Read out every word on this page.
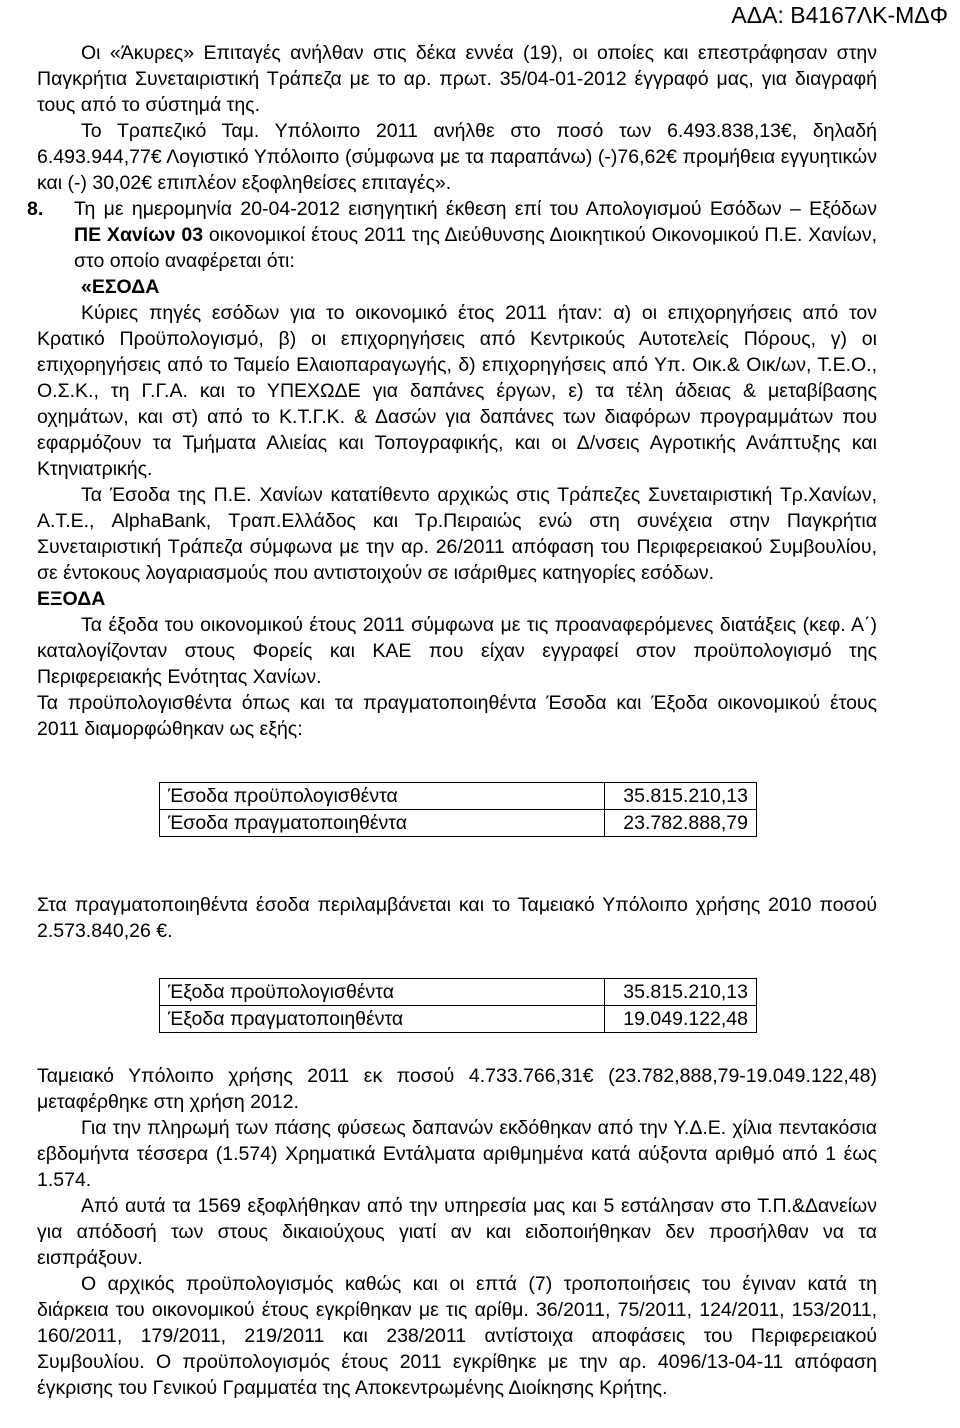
ΑΔΑ: Β4167ΛΚ-ΜΔΦ

Οι «Άκυρες» Επιταγές ανήλθαν στις δέκα εννέα (19), οι οποίες και επεστράφησαν στην Παγκρήτια Συνεταιριστική Τράπεζα με το αρ. πρωτ. 35/04-01-2012 έγγραφό μας, για διαγραφή τους από το σύστημά της.

Το Τραπεζικό Ταμ. Υπόλοιπο 2011 ανήλθε στο ποσό των 6.493.838,13€, δηλαδή 6.493.944,77€ Λογιστικό Υπόλοιπο (σύμφωνα με τα παραπάνω) (-)76,62€ προμήθεια εγγυητικών και (-) 30,02€ επιπλέον εξοφληθείσες επιταγές».

8.	Τη με ημερομηνία 20-04-2012 εισηγητική έκθεση επί του Απολογισμού Εσόδων – Εξόδων ΠΕ Χανίων 03 οικονομικοί έτους 2011 της Διεύθυνσης Διοικητικού Οικονομικού Π.Ε. Χανίων, στο οποίο αναφέρεται ότι:

«ΕΣΟΔΑ

Κύριες πηγές εσόδων για το οικονομικό έτος 2011 ήταν: α) οι επιχορηγήσεις από τον Κρατικό Προϋπολογισμό, β) οι επιχορηγήσεις από Κεντρικούς Αυτοτελείς Πόρους, γ) οι επιχορηγήσεις από το Ταμείο Ελαιοπαραγωγής, δ) επιχορηγήσεις από Υπ. Οικ.& Οικ/ων, Τ.Ε.Ο., Ο.Σ.Κ., τη Γ.Γ.Α. και το ΥΠΕΧΩΔΕ για δαπάνες έργων, ε) τα τέλη άδειας & μεταβίβασης οχημάτων, και στ) από το Κ.Τ.Γ.Κ. & Δασών για δαπάνες των διαφόρων προγραμμάτων που εφαρμόζουν τα Τμήματα Αλιείας και Τοπογραφικής, και οι Δ/νσεις Αγροτικής Ανάπτυξης και Κτηνιατρικής.

Τα Έσοδα της Π.Ε. Χανίων κατατίθεντο αρχικώς στις Τράπεζες Συνεταιριστική Τρ.Χανίων, Α.Τ.Ε., AlphaBank, Τραπ.Ελλάδος και Τρ.Πειραιώς ενώ στη συνέχεια στην Παγκρήτια Συνεταιριστική Τράπεζα σύμφωνα με την αρ. 26/2011 απόφαση του Περιφερειακού Συμβουλίου, σε έντοκους λογαριασμούς που αντιστοιχούν σε ισάριθμες κατηγορίες εσόδων.

ΕΞΟΔΑ

Τα έξοδα του οικονομικού έτους 2011 σύμφωνα με τις προαναφερόμενες διατάξεις (κεφ. Α΄) καταλογίζονταν στους Φορείς και ΚΑΕ που είχαν εγγραφεί στον προϋπολογισμό της Περιφερειακής Ενότητας Χανίων.

Τα προϋπολογισθέντα όπως και τα πραγματοποιηθέντα Έσοδα και Έξοδα οικονομικού έτους 2011 διαμορφώθηκαν ως εξής:

Έσοδα προϋπολογισθέντα	35.815.210,13
Έσοδα πραγματοποιηθέντα	23.782.888,79

Στα πραγματοποιηθέντα έσοδα περιλαμβάνεται και το Ταμειακό Υπόλοιπο χρήσης 2010 ποσού 2.573.840,26 €.

Έξοδα προϋπολογισθέντα	35.815.210,13
Έξοδα πραγματοποιηθέντα	19.049.122,48

Ταμειακό Υπόλοιπο χρήσης 2011 εκ ποσού 4.733.766,31€ (23.782,888,79-19.049.122,48) μεταφέρθηκε στη χρήση 2012.

Για την πληρωμή των πάσης φύσεως δαπανών εκδόθηκαν από την Υ.Δ.Ε. χίλια πεντακόσια εβδομήντα τέσσερα (1.574) Χρηματικά Εντάλματα αριθμημένα κατά αύξοντα αριθμό από 1 έως 1.574.

Από αυτά τα 1569 εξοφλήθηκαν από την υπηρεσία μας και 5 εστάλησαν στο Τ.Π.&Δανείων για απόδοσή των στους δικαιούχους γιατί αν και ειδοποιήθηκαν δεν προσήλθαν να τα εισπράξουν.

Ο αρχικός προϋπολογισμός καθώς και οι επτά (7) τροποποιήσεις του έγιναν κατά τη διάρκεια του οικονομικού έτους εγκρίθηκαν με τις αρίθμ. 36/2011, 75/2011, 124/2011, 153/2011, 160/2011, 179/2011, 219/2011 και 238/2011 αντίστοιχα αποφάσεις του Περιφερειακού Συμβουλίου. Ο προϋπολογισμός έτους 2011 εγκρίθηκε με την αρ. 4096/13-04-11 απόφαση έγκρισης του Γενικού Γραμματέα της Αποκεντρωμένης Διοίκησης Κρήτης.
